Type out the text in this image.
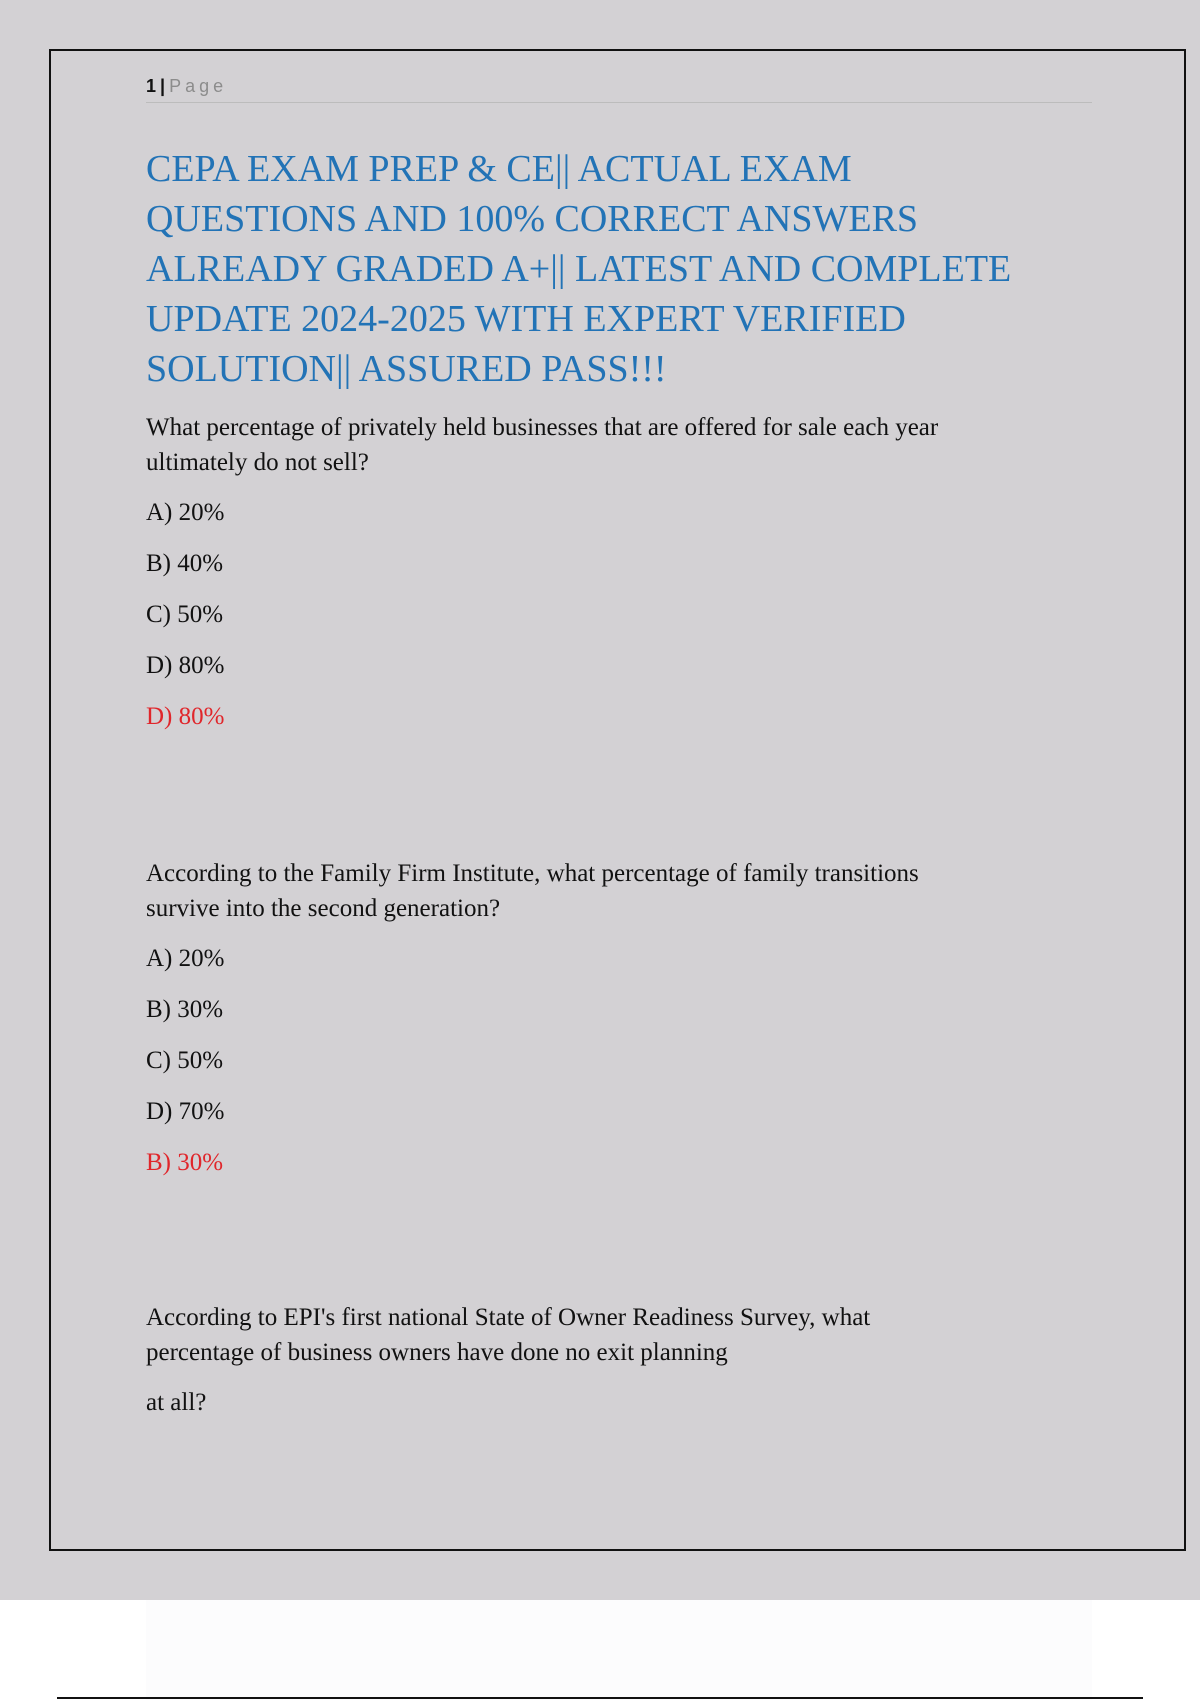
1 | Page
CEPA EXAM PREP & CE|| ACTUAL EXAM
QUESTIONS AND 100% CORRECT ANSWERS
ALREADY GRADED A+|| LATEST AND COMPLETE
UPDATE 2024-2025 WITH EXPERT VERIFIED
SOLUTION|| ASSURED PASS!!!

What percentage of privately held businesses that are offered for sale each year
ultimately do not sell?

A) 20%

B) 40%

C) 50%

D) 80%

D) 80%

According to the Family Firm Institute, what percentage of family transitions
survive into the second generation?

A) 20%

B) 30%

C) 50%

D) 70%

B) 30%

According to EPI's first national State of Owner Readiness Survey, what
percentage of business owners have done no exit planning

at all?
